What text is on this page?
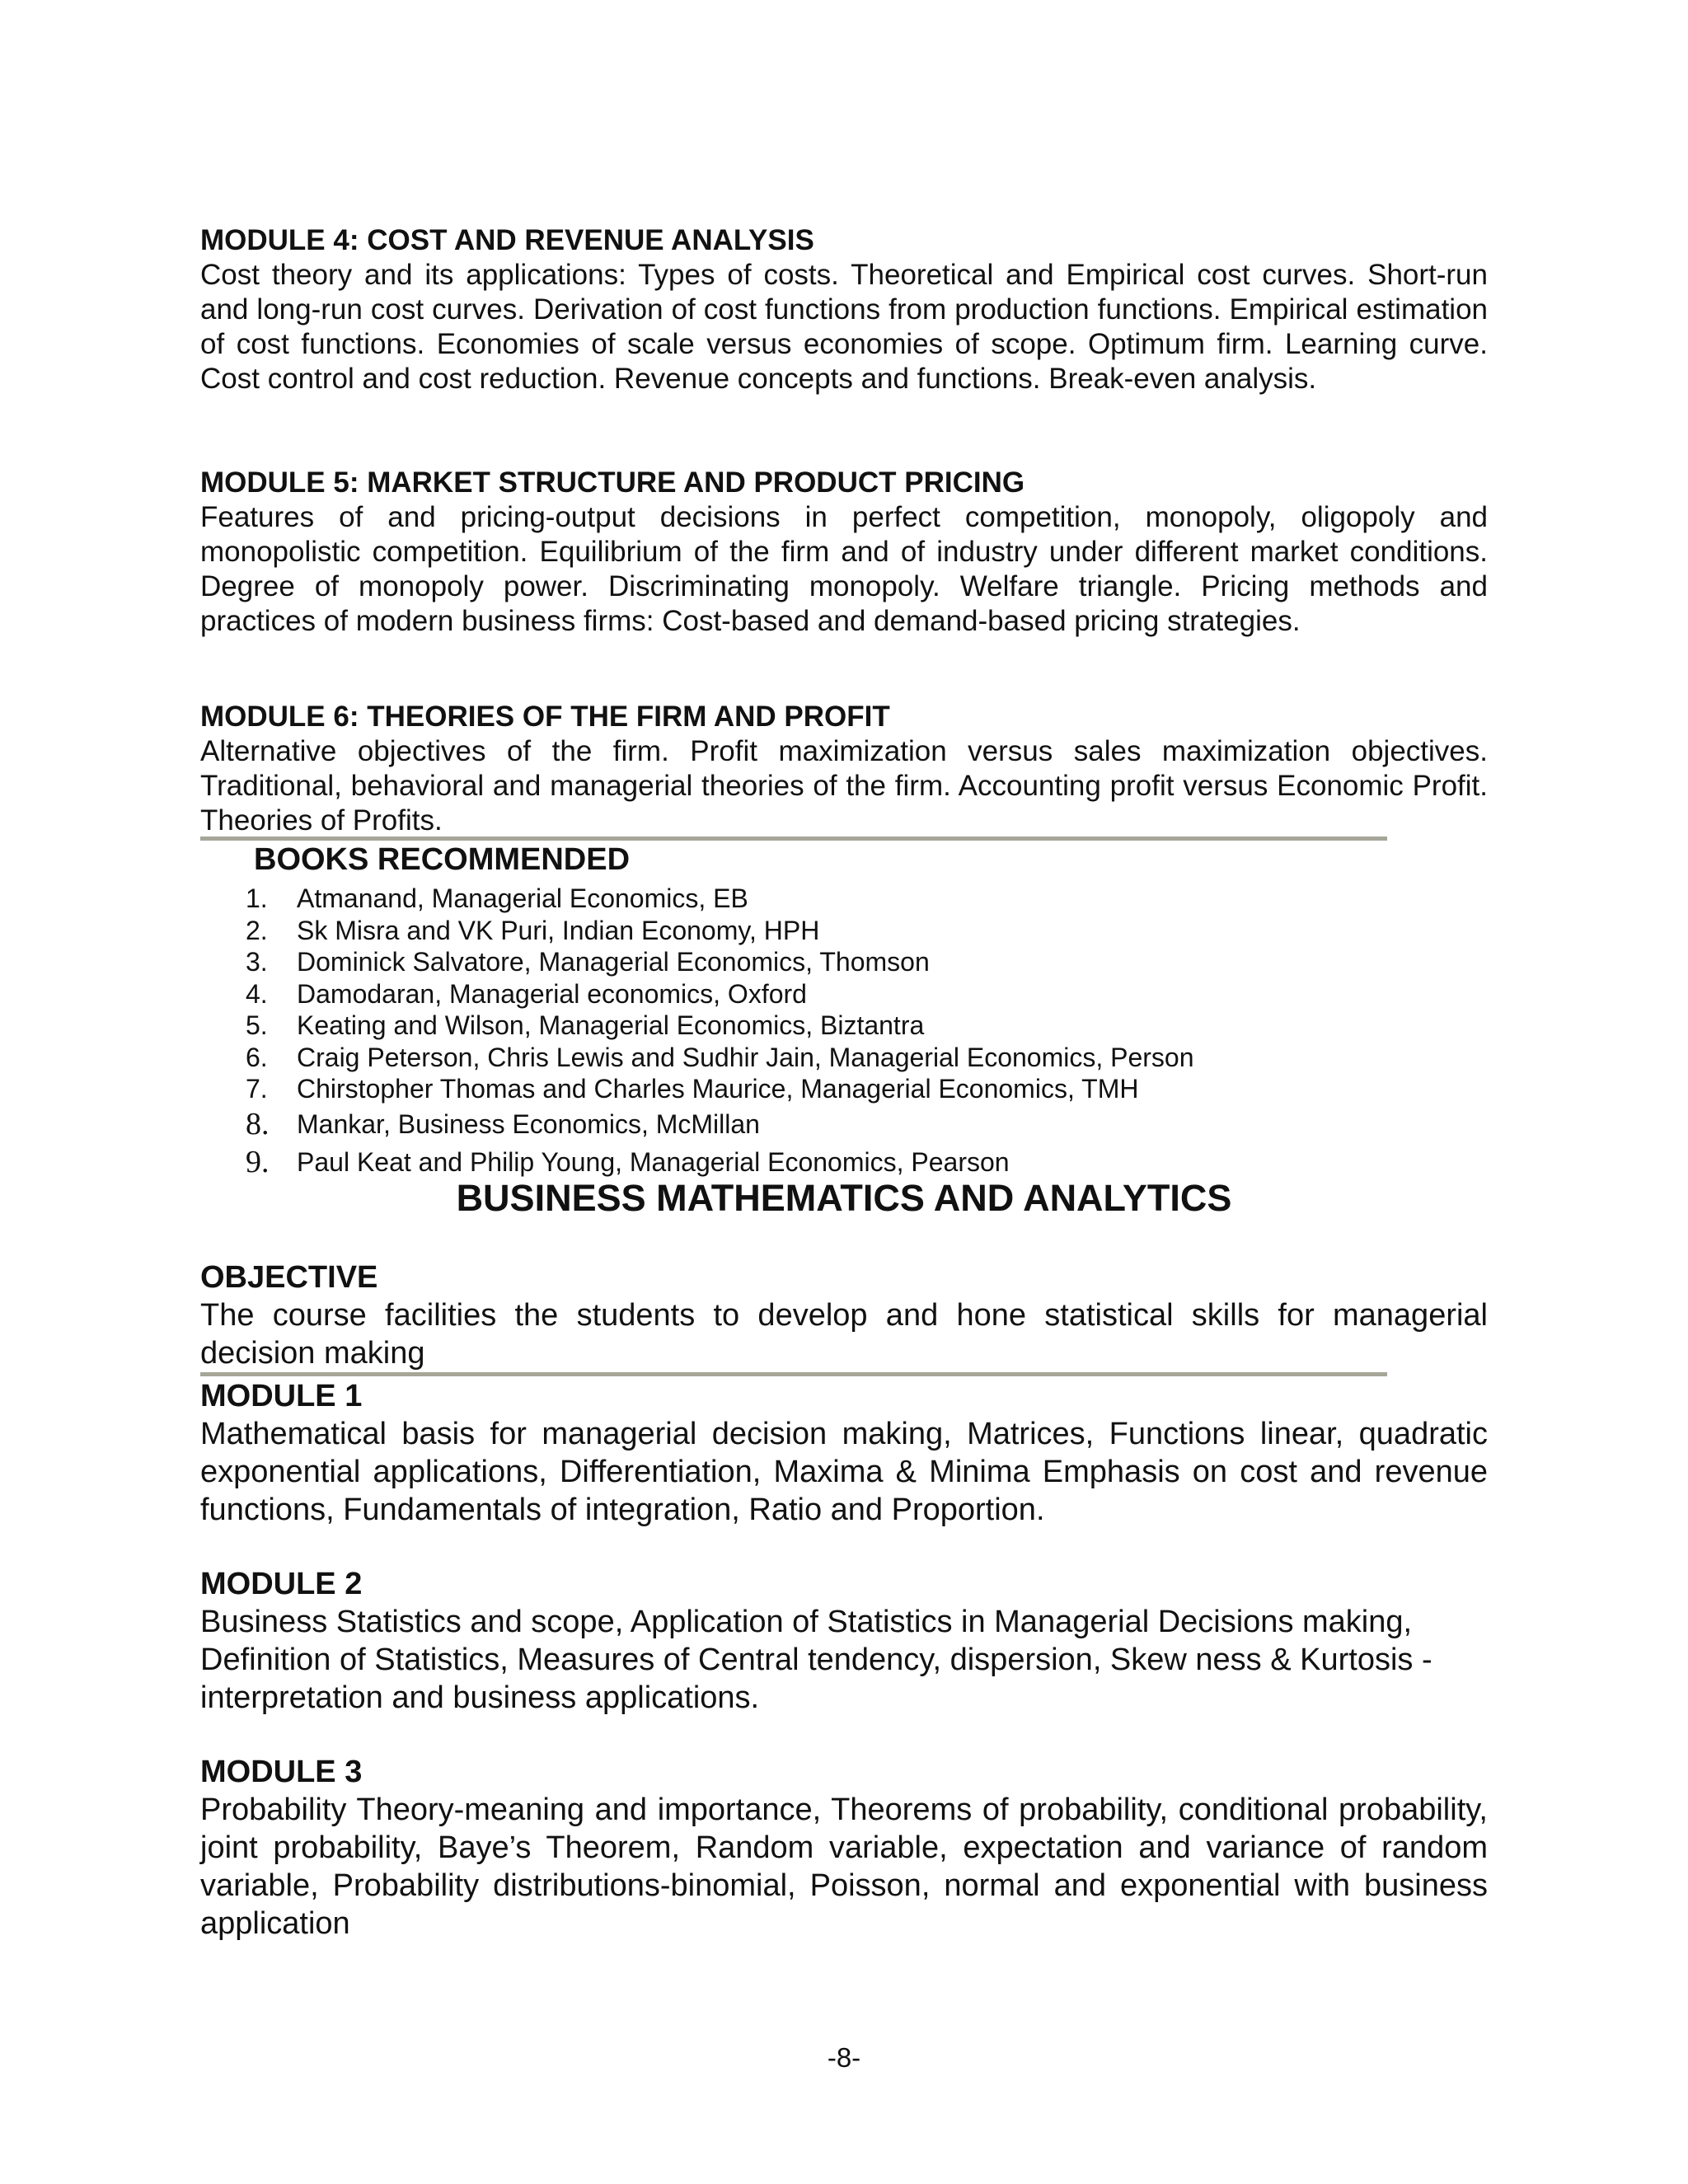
MODULE 4: COST AND REVENUE ANALYSIS

Cost theory and its applications: Types of costs. Theoretical and Empirical cost curves. Short-run and long-run cost curves. Derivation of cost functions from production functions. Empirical estimation of cost functions. Economies of scale versus economies of scope. Optimum firm. Learning curve. Cost control and cost reduction. Revenue concepts and functions. Break-even analysis.

MODULE 5: MARKET STRUCTURE AND PRODUCT PRICING

Features of and pricing-output decisions in perfect competition, monopoly, oligopoly and monopolistic competition. Equilibrium of the firm and of industry under different market conditions. Degree of monopoly power. Discriminating monopoly. Welfare triangle. Pricing methods and practices of modern business firms: Cost-based and demand-based pricing strategies.

MODULE 6: THEORIES OF THE FIRM AND PROFIT

Alternative objectives of the firm. Profit maximization versus sales maximization objectives. Traditional, behavioral and managerial theories of the firm. Accounting profit versus Economic Profit. Theories of Profits.

BOOKS RECOMMENDED
1.	Atmanand, Managerial Economics, EB
2.	Sk Misra and VK Puri, Indian Economy, HPH
3.	Dominick Salvatore, Managerial Economics, Thomson
4.	Damodaran, Managerial economics, Oxford
5.	Keating and Wilson, Managerial Economics, Biztantra
6.	Craig Peterson, Chris Lewis and Sudhir Jain, Managerial Economics, Person
7.	Chirstopher Thomas and Charles Maurice, Managerial Economics, TMH
8.	Mankar, Business Economics, McMillan
9.	Paul Keat and Philip Young, Managerial Economics, Pearson
BUSINESS MATHEMATICS AND ANALYTICS
OBJECTIVE

The course facilities the students to develop and hone statistical skills for managerial decision making

MODULE 1

Mathematical basis for managerial decision making, Matrices, Functions linear, quadratic exponential applications, Differentiation, Maxima & Minima Emphasis on cost and revenue functions, Fundamentals of integration, Ratio and Proportion.

MODULE 2

Business Statistics and scope, Application of Statistics in Managerial Decisions making, Definition of Statistics, Measures of Central tendency, dispersion, Skew ness & Kurtosis -interpretation and business applications.

MODULE 3

Probability Theory-meaning and importance, Theorems of probability, conditional probability, joint probability, Baye’s Theorem, Random variable, expectation and variance of random variable, Probability distributions-binomial, Poisson, normal and exponential with business application

-8-
